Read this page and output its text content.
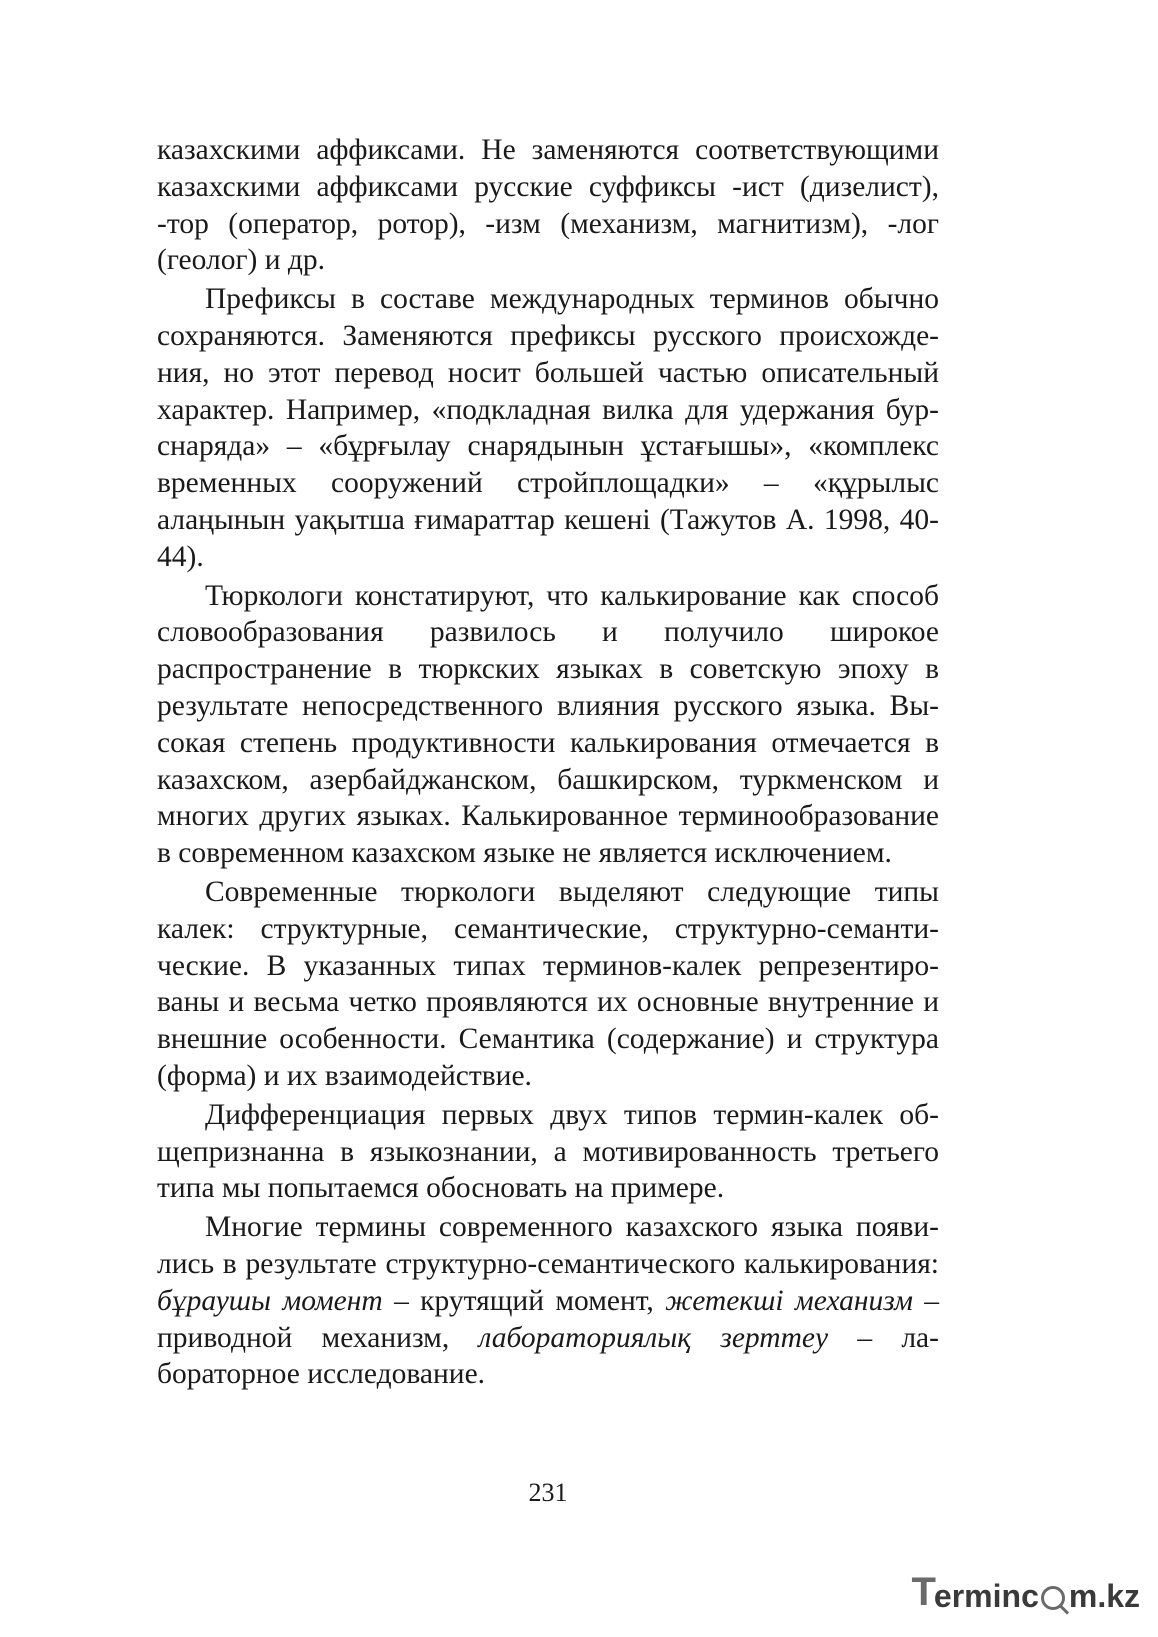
казахскими аффиксами. Не заменяются соответствующими казахскими аффиксами русские суффиксы -ист (дизелист), -тор (оператор, ротор), -изм (механизм, магнитизм), -лог (геолог) и др.

Префиксы в составе международных терминов обычно сохраняются. Заменяются префиксы русского происхождения, но этот перевод носит большей частью описательный характер. Например, «подкладная вилка для удержания бур-снаряда» – «бұрғылау снарядынын ұстағышы», «комплекс временных сооружений стройплощадки» – «құрылыс алаңынын уақытша ғимараттар кешені (Тажутов А. 1998, 40-44).

Тюркологи констатируют, что калькирование как способ словообразования развилось и получило широкое распространение в тюркских языках в советскую эпоху в результате непосредственного влияния русского языка. Высокая степень продуктивности калькирования отмечается в казахском, азербайджанском, башкирском, туркменском и многих других языках. Калькированное терминообразование в современном казахском языке не является исключением.

Современные тюркологи выделяют следующие типы калек: структурные, семантические, структурно-семантические. В указанных типах терминов-калек репрезентированы и весьма четко проявляются их основные внутренние и внешние особенности. Семантика (содержание) и структура (форма) и их взаимодействие.

Дифференциация первых двух типов термин-калек общепризнанна в языкознании, а мотивированность третьего типа мы попытаемся обосновать на примере.

Многие термины современного казахского языка появились в результате структурно-семантического калькирования: бұраушы момент – крутящий момент, жетекші механизм – приводной механизм, лабораториялық зерттеу – лабораторное исследование.

231
T
ermin c m.kz
